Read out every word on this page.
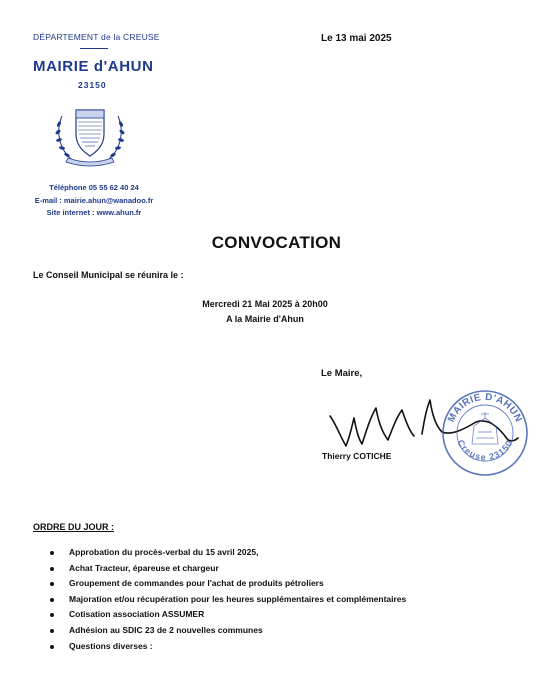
DÉPARTEMENT de la CREUSE
MAIRIE d'AHUN
23150
Téléphone 05 55 62 40 24
E-mail : mairie.ahun@wanadoo.fr
Site internet : www.ahun.fr
Le 13 mai 2025
CONVOCATION
Le Conseil Municipal se réunira le :
Mercredi 21 Mai 2025 à 20h00
A la Mairie d'Ahun
Le Maire,
Thierry COTICHE
MAIRIE D'AHUN
Creuse 23150
ORDRE DU JOUR :
Approbation du procès-verbal du 15 avril 2025,
Achat Tracteur, épareuse et chargeur
Groupement de commandes pour l'achat de produits pétroliers
Majoration et/ou récupération pour les heures supplémentaires et complémentaires
Cotisation association ASSUMER
Adhésion au SDIC 23 de 2 nouvelles communes
Questions diverses :
